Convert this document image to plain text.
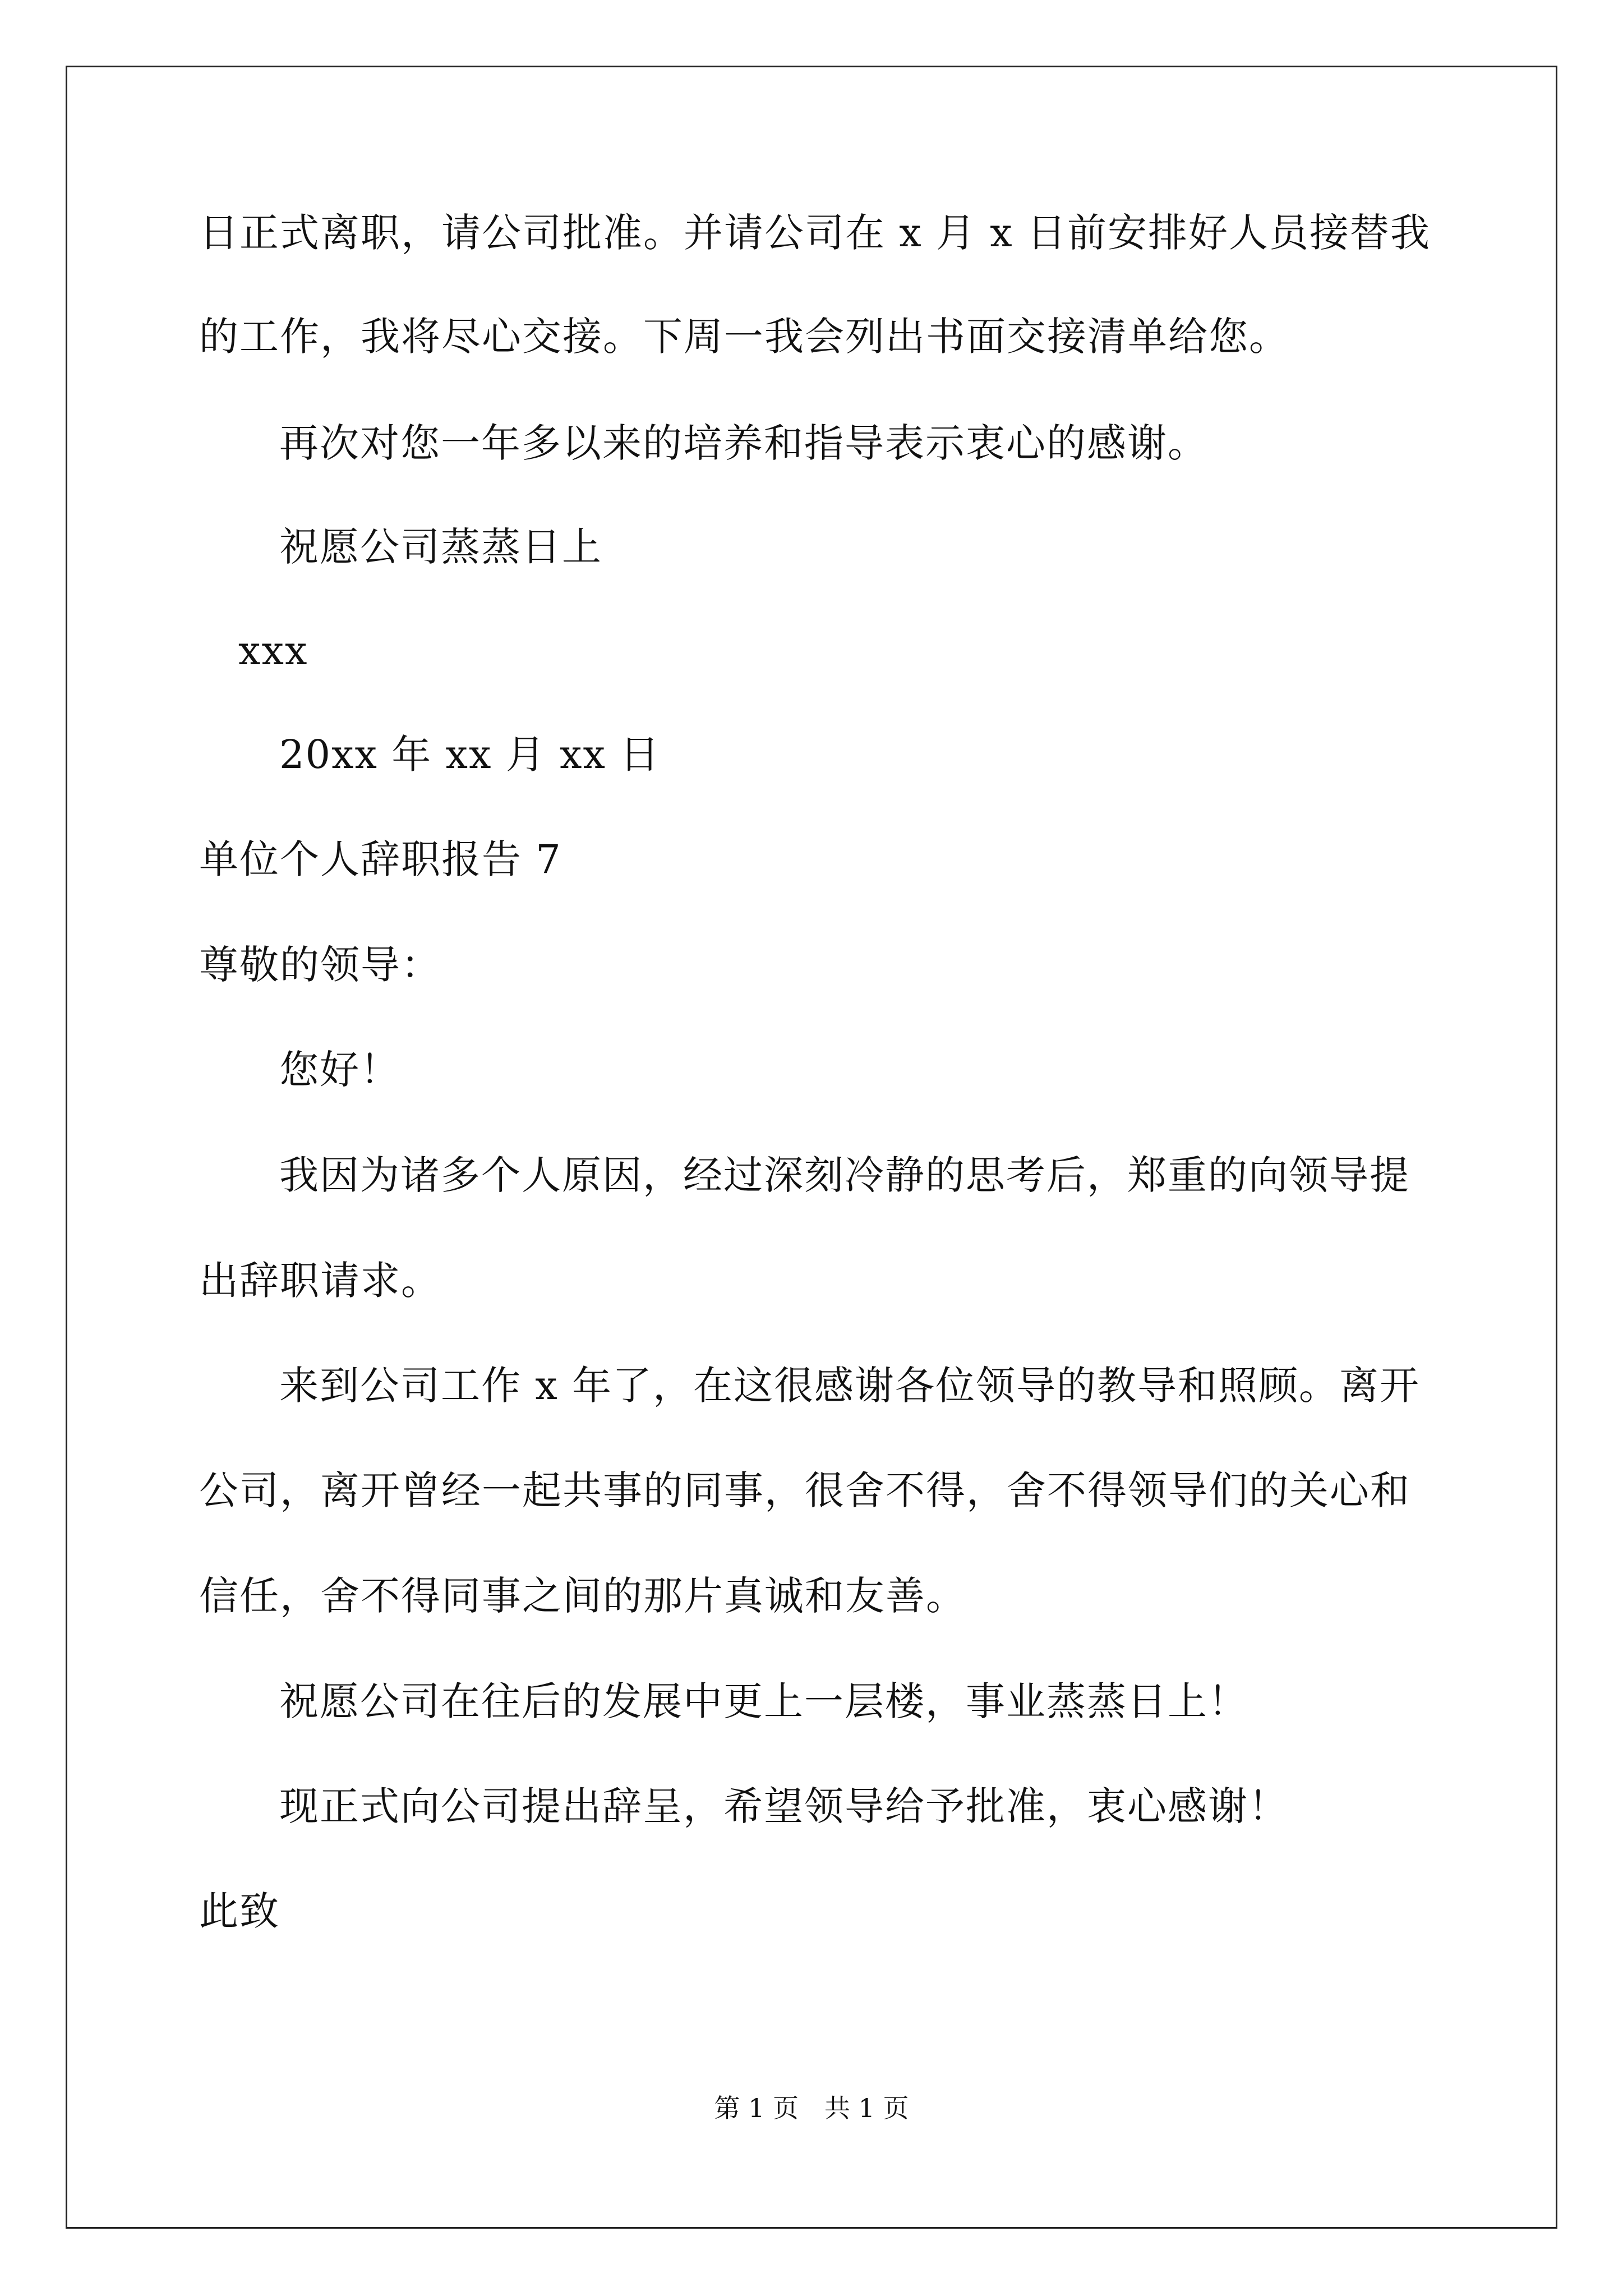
日正式离职，请公司批准。并请公司在 x 月 x 日前安排好人员接替我
的工作，我将尽心交接。下周一我会列出书面交接清单给您。
再次对您一年多以来的培养和指导表示衷心的感谢。
祝愿公司蒸蒸日上
xxx
20xx 年 xx 月 xx 日
单位个人辞职报告 7
尊敬的领导：
您好！
我因为诸多个人原因，经过深刻冷静的思考后，郑重的向领导提
出辞职请求。
来到公司工作 x 年了，在这很感谢各位领导的教导和照顾。离开
公司，离开曾经一起共事的同事，很舍不得，舍不得领导们的关心和
信任，舍不得同事之间的那片真诚和友善。
祝愿公司在往后的发展中更上一层楼，事业蒸蒸日上！
现正式向公司提出辞呈，希望领导给予批准，衷心感谢！
此致
第 1 页　共 1 页
